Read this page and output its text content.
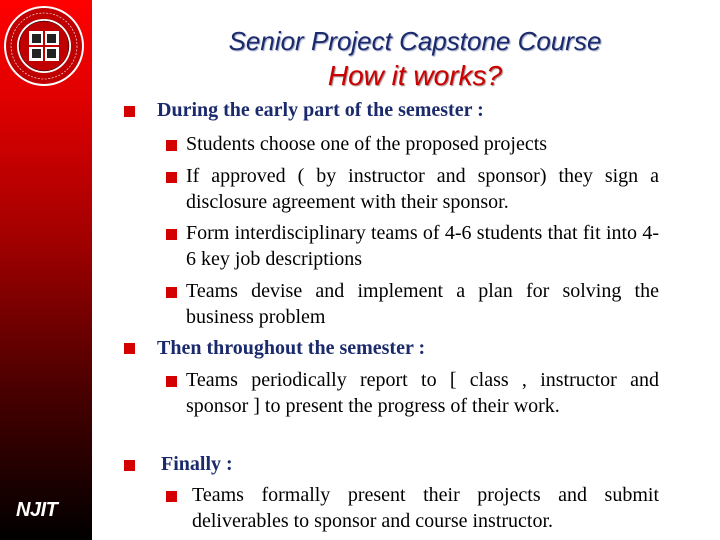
NJIT
Senior Project Capstone Course
How it works?
During the early part of the semester :
Students choose one of the proposed projects
If approved ( by instructor and sponsor) they sign a disclosure agreement with their sponsor.
Form interdisciplinary teams of 4-6 students that fit into 4-6 key job descriptions
Teams devise and implement a plan for solving the business problem
Then throughout the semester :
Teams periodically report to [ class , instructor and sponsor ] to present the progress of their work.
Finally :
Teams formally present their projects and submit deliverables to sponsor and course instructor.
